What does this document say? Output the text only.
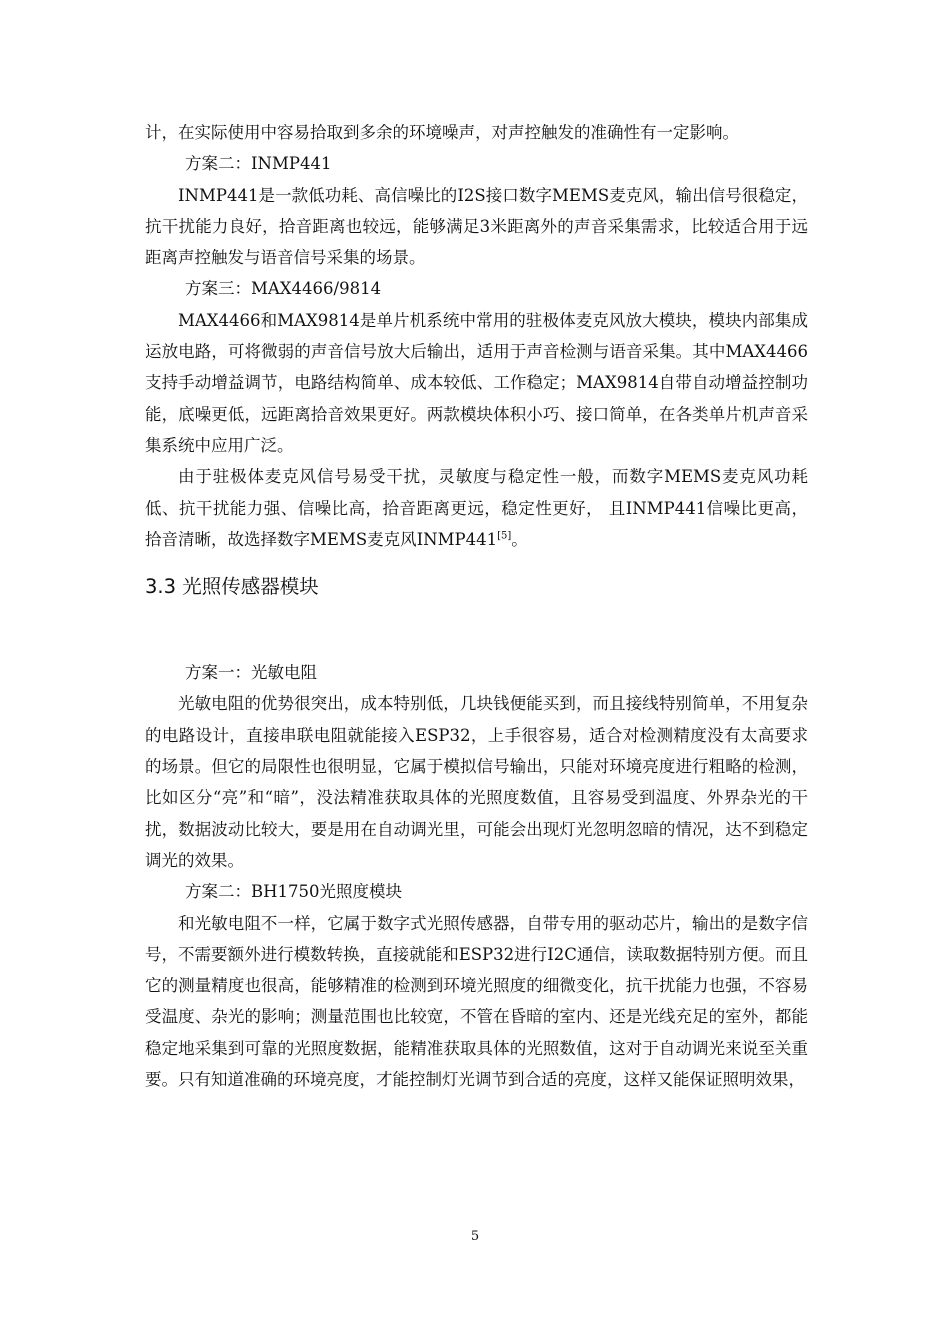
计，在实际使用中容易拾取到多余的环境噪声，对声控触发的准确性有一定影响。

方案二：INMP441

INMP441是一款低功耗、高信噪比的I2S接口数字MEMS麦克风，输出信号很稳定，抗干扰能力良好，拾音距离也较远，能够满足3米距离外的声音采集需求，比较适合用于远距离声控触发与语音信号采集的场景。

方案三：MAX4466/9814

MAX4466和MAX9814是单片机系统中常用的驻极体麦克风放大模块，模块内部集成运放电路，可将微弱的声音信号放大后输出，适用于声音检测与语音采集。其中MAX4466支持手动增益调节，电路结构简单、成本较低、工作稳定；MAX9814自带自动增益控制功能，底噪更低，远距离拾音效果更好。两款模块体积小巧、接口简单，在各类单片机声音采集系统中应用广泛。

由于驻极体麦克风信号易受干扰，灵敏度与稳定性一般，而数字MEMS麦克风功耗低、抗干扰能力强、信噪比高，拾音距离更远，稳定性更好， 且INMP441信噪比更高，拾音清晰，故选择数字MEMS麦克风INMP441[5]。

3.3 光照传感器模块

方案一：光敏电阻

光敏电阻的优势很突出，成本特别低，几块钱便能买到，而且接线特别简单，不用复杂的电路设计，直接串联电阻就能接入ESP32，上手很容易，适合对检测精度没有太高要求的场景。但它的局限性也很明显，它属于模拟信号输出，只能对环境亮度进行粗略的检测，比如区分“亮”和“暗”，没法精准获取具体的光照度数值，且容易受到温度、外界杂光的干扰，数据波动比较大，要是用在自动调光里，可能会出现灯光忽明忽暗的情况，达不到稳定调光的效果。

方案二：BH1750光照度模块

和光敏电阻不一样，它属于数字式光照传感器，自带专用的驱动芯片，输出的是数字信号，不需要额外进行模数转换，直接就能和ESP32进行I2C通信，读取数据特别方便。而且它的测量精度也很高，能够精准的检测到环境光照度的细微变化，抗干扰能力也强，不容易受温度、杂光的影响；测量范围也比较宽，不管在昏暗的室内、还是光线充足的室外，都能稳定地采集到可靠的光照度数据，能精准获取具体的光照数值，这对于自动调光来说至关重要。只有知道准确的环境亮度，才能控制灯光调节到合适的亮度，这样又能保证照明效果，

5
